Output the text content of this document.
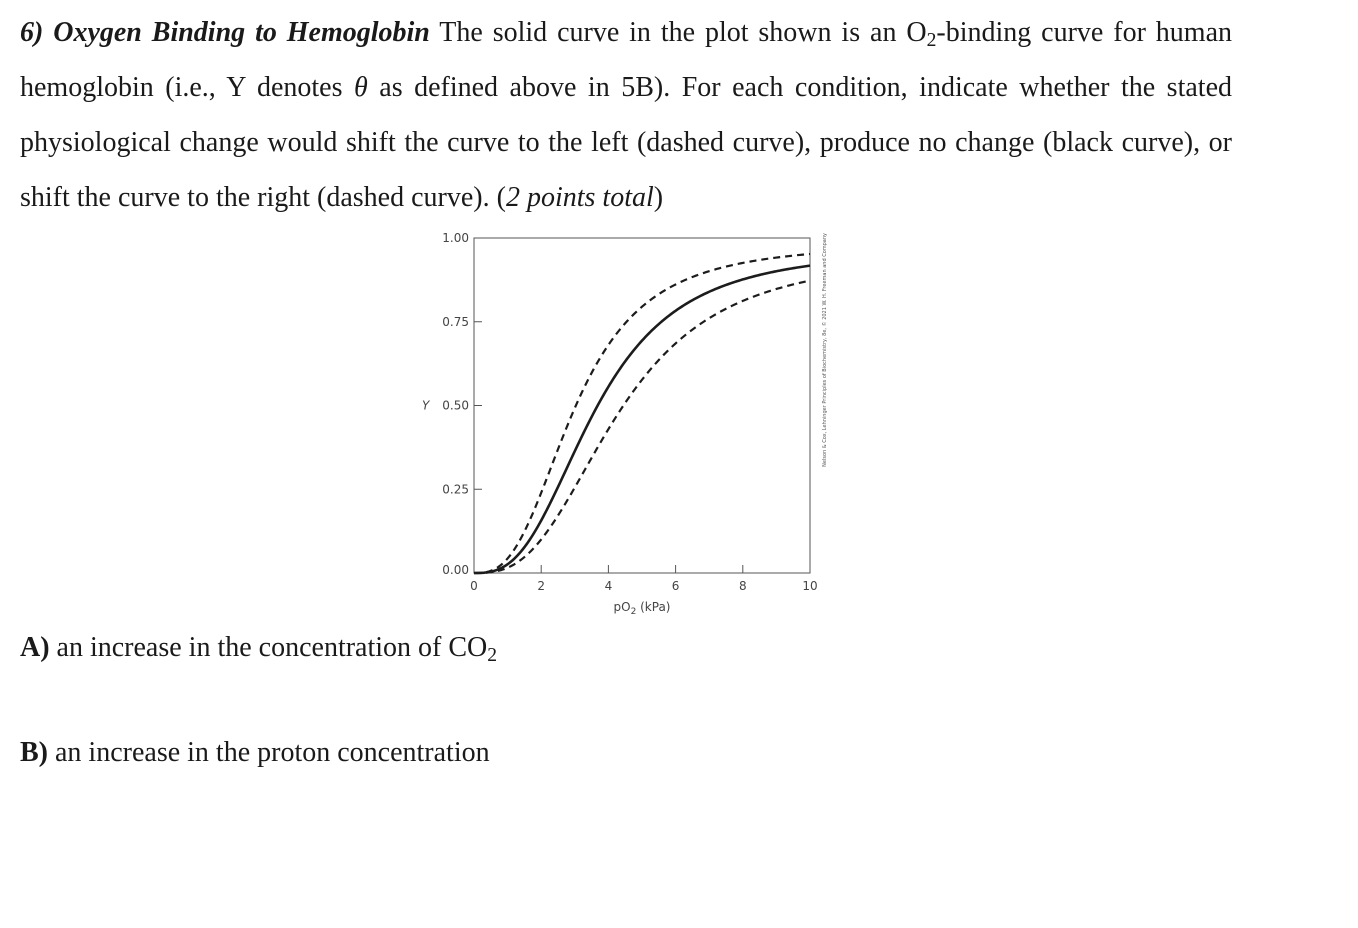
6) Oxygen Binding to Hemoglobin The solid curve in the plot shown is an $O_2$-binding curve for human hemoglobin (i.e., Y denotes θ as defined above in 5B). For each condition, indicate whether the stated physiological change would shift the curve to the left (dashed curve), produce no change (black curve), or shift the curve to the right (dashed curve). (2 points total)

0.00
0.25
0.50
0.75
1.00
0	2	4	6	8	10
Y
$pO_2$ (kPa)
Nelson & Cox, Lehninger Principles of Biochemistry, 8e, © 2021 W. H. Freeman and Company

A) an increase in the concentration of $CO_2$

B) an increase in the proton concentration
